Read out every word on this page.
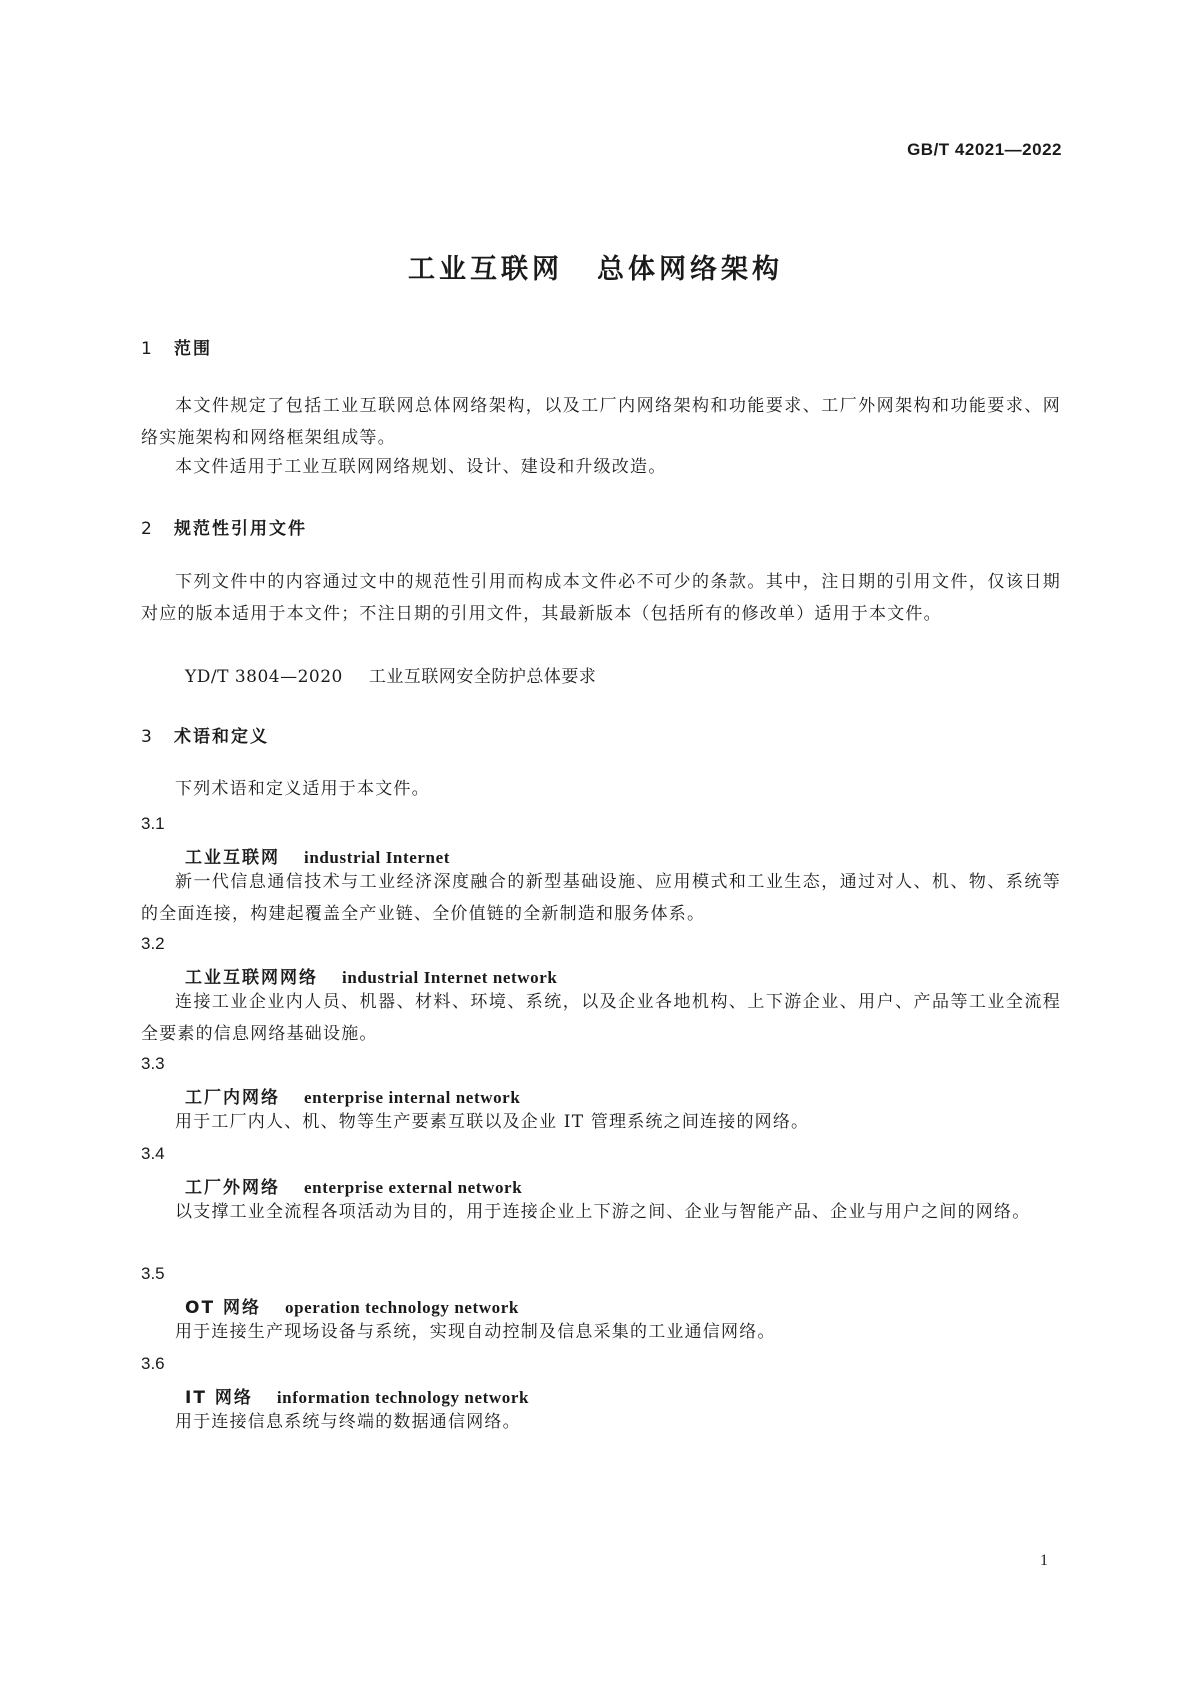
GB/T 42021—2022
工业互联网 总体网络架构
1 范围
本文件规定了包括工业互联网总体网络架构，以及工厂内网络架构和功能要求、工厂外网架构和功能要求、网络实施架构和网络框架组成等。
本文件适用于工业互联网网络规划、设计、建设和升级改造。
2 规范性引用文件
下列文件中的内容通过文中的规范性引用而构成本文件必不可少的条款。其中，注日期的引用文件，仅该日期对应的版本适用于本文件；不注日期的引用文件，其最新版本（包括所有的修改单）适用于本文件。
YD/T 3804—2020 工业互联网安全防护总体要求
3 术语和定义
下列术语和定义适用于本文件。
3.1
工业互联网 industrial Internet
新一代信息通信技术与工业经济深度融合的新型基础设施、应用模式和工业生态，通过对人、机、物、系统等的全面连接，构建起覆盖全产业链、全价值链的全新制造和服务体系。
3.2
工业互联网网络 industrial Internet network
连接工业企业内人员、机器、材料、环境、系统，以及企业各地机构、上下游企业、用户、产品等工业全流程全要素的信息网络基础设施。
3.3
工厂内网络 enterprise internal network
用于工厂内人、机、物等生产要素互联以及企业 IT 管理系统之间连接的网络。
3.4
工厂外网络 enterprise external network
以支撑工业全流程各项活动为目的，用于连接企业上下游之间、企业与智能产品、企业与用户之间的网络。
3.5
OT 网络 operation technology network
用于连接生产现场设备与系统，实现自动控制及信息采集的工业通信网络。
3.6
IT 网络 information technology network
用于连接信息系统与终端的数据通信网络。
1
